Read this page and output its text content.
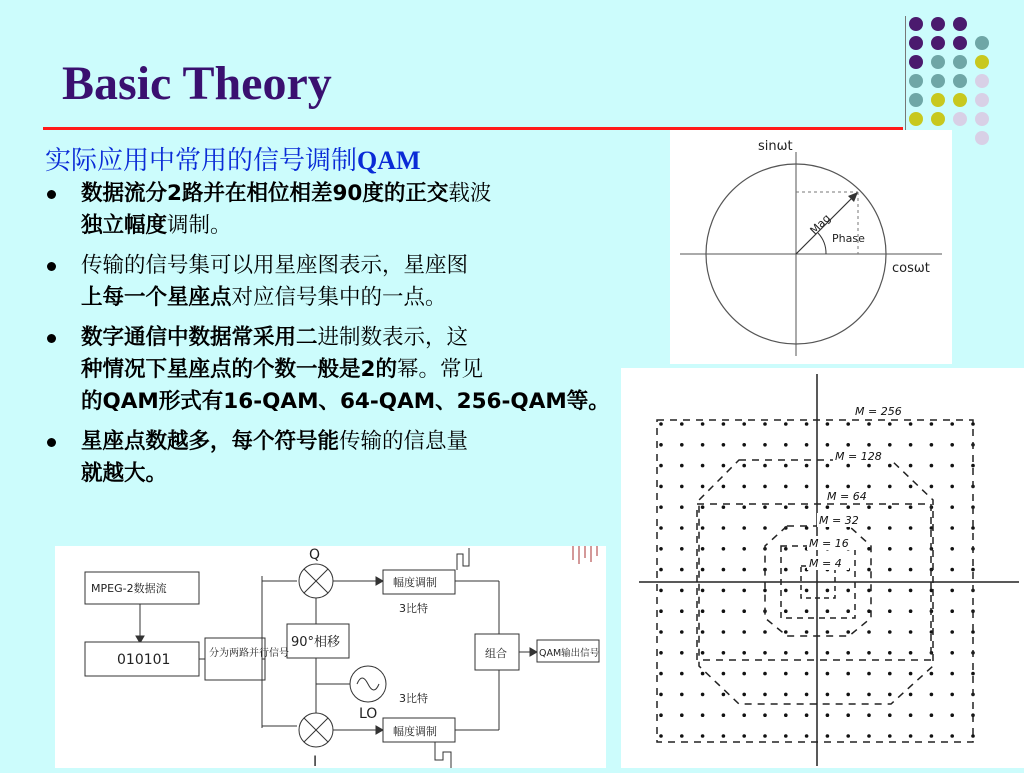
Basic Theory
实际应用中常用的信号调制QAM
数据流分2路并在相位相差90度的正交载波
独立幅度调制。
传输的信号集可以用星座图表示，星座图
上每一个星座点对应信号集中的一点。
数字通信中数据常采用二进制数表示，这
种情况下星座点的个数一般是2的幂。常见
的QAM形式有16-QAM、64-QAM、256-QAM等。
星座点数越多，每个符号能传输的信息量
就越大。
sinωt
cosωt
Mag
Phase
M = 256
M = 128
M = 64
M = 32
M = 16
M = 4
MPEG-2数据流
010101	分为两路并行信号
90°相移
幅度调制
幅度调制
3比特
3比特
组合	QAM输出信号
Q
I
LO
